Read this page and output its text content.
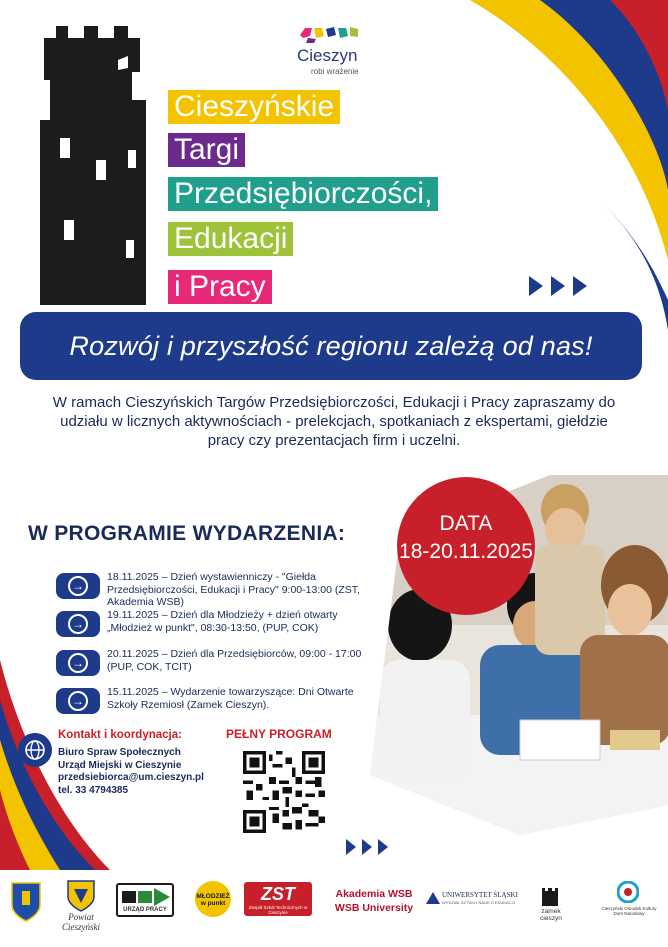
Cieszyn
robi wrażenie
Cieszyńskie
Targi
Przedsiębiorczości,
Edukacji
i Pracy
Rozwój i przyszłość regionu zależą od nas!
W ramach Cieszyńskich Targów Przedsiębiorczości, Edukacji i Pracy zapraszamy do udziału w licznych aktywnościach - prelekcjach, spotkaniach z ekspertami, giełdzie pracy czy prezentacjach firm i uczelni.
DATA
18-20.11.2025
W PROGRAMIE WYDARZENIA:
→
18.11.2025 – Dzień wystawienniczy - "Giełda Przedsiębiorczości, Edukacji i Pracy" 9:00-13:00 (ZST, Akademia WSB)
→
19.11.2025 – Dzień dla Młodzieży + dzień otwarty „Młodzież w punkt", 08:30-13:50, (PUP, COK)
→
20.11.2025 – Dzień dla Przedsiębiorców, 09:00 - 17:00 (PUP, COK, TCIT)
→
15.11.2025 – Wydarzenie towarzyszące: Dni Otwarte Szkoły Rzemiosł (Zamek Cieszyn).
Kontakt i koordynacja:
Biuro Spraw Społecznych
Urząd Miejski w Cieszynie
przedsiebiorca@um.cieszyn.pl
tel. 33 4794385
PEŁNY PROGRAM
Powiat Cieszyński
URZĄD PRACY
MŁODZIEŻ w punkt	ZST
Zespół Szkół Technicznych w Cieszynie
Akademia WSB
WSB University
UNIWERSYTET ŚLĄSKI
WYDZIAŁ SZTUKI I NAUK O EDUKACJI
zamek cieszyn
Cieszyński Ośrodek Kultury
Dom Narodowy
